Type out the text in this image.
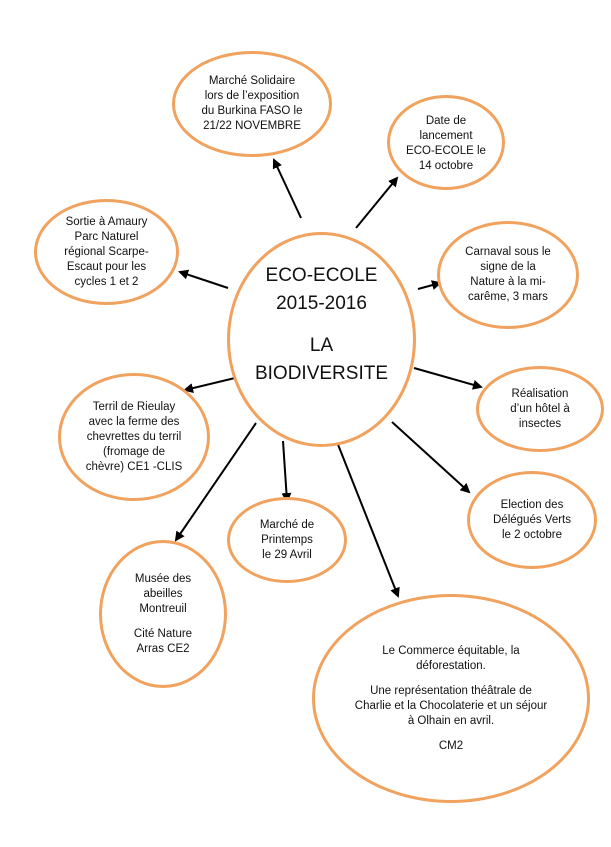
ECO-ECOLE
2015-2016
LA
BIODIVERSITE
Marché Solidaire
lors de l’exposition
du Burkina FASO le
21/22 NOVEMBRE	Date de
lancement
ECO-ECOLE le
14 octobre
Sortie à Amaury
Parc Naturel
régional Scarpe-
Escaut pour les
cycles 1 et 2
Carnaval sous le
signe de la
Nature à la mi-
carême, 3 mars
Terril de Rieulay
avec la ferme des
chevrettes du terril
(fromage de
chèvre) CE1 -CLIS
Réalisation
d’un hôtel à
insectes
Marché de
Printemps
le 29 Avril
Election des
Délégués Verts
le 2 octobre
Musée des
abeilles
Montreuil
Cité Nature
Arras CE2	Le Commerce équitable, la
déforestation.
Une représentation théâtrale de
Charlie et la Chocolaterie et un séjour
à Olhain en avril.
CM2
